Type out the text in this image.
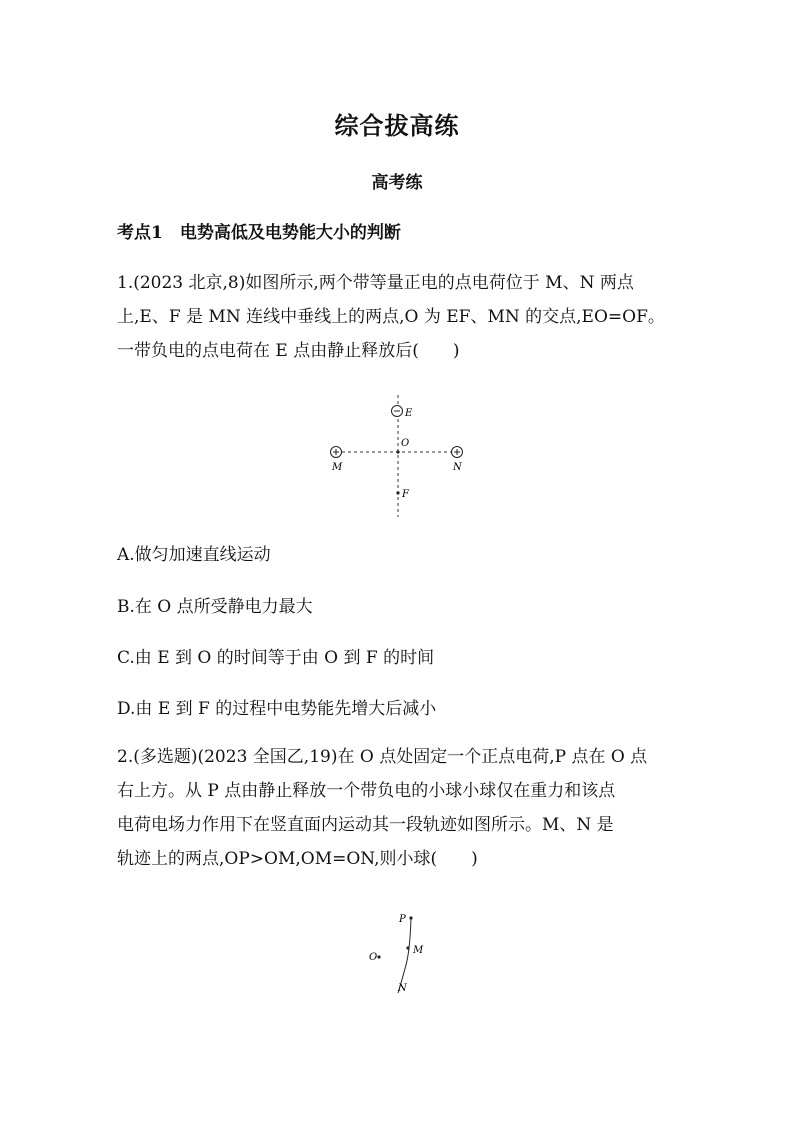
综合拔高练
高考练
考点1　电势高低及电势能大小的判断
1.(2023 北京,8)如图所示,两个带等量正电的点电荷位于 M、N 两点
上,E、F 是 MN 连线中垂线上的两点,O 为 EF、MN 的交点,EO=OF。
一带负电的点电荷在 E 点由静止释放后(　　)
E
O
M	N
F
A.做匀加速直线运动
B.在 O 点所受静电力最大
C.由 E 到 O 的时间等于由 O 到 F 的时间
D.由 E 到 F 的过程中电势能先增大后减小
2.(多选题)(2023 全国乙,19)在 O 点处固定一个正点电荷,P 点在 O 点
右上方。从 P 点由静止释放一个带负电的小球小球仅在重力和该点
电荷电场力作用下在竖直面内运动其一段轨迹如图所示。M、N 是
轨迹上的两点,OP>OM,OM=ON,则小球(　　)
P
M
O
N
